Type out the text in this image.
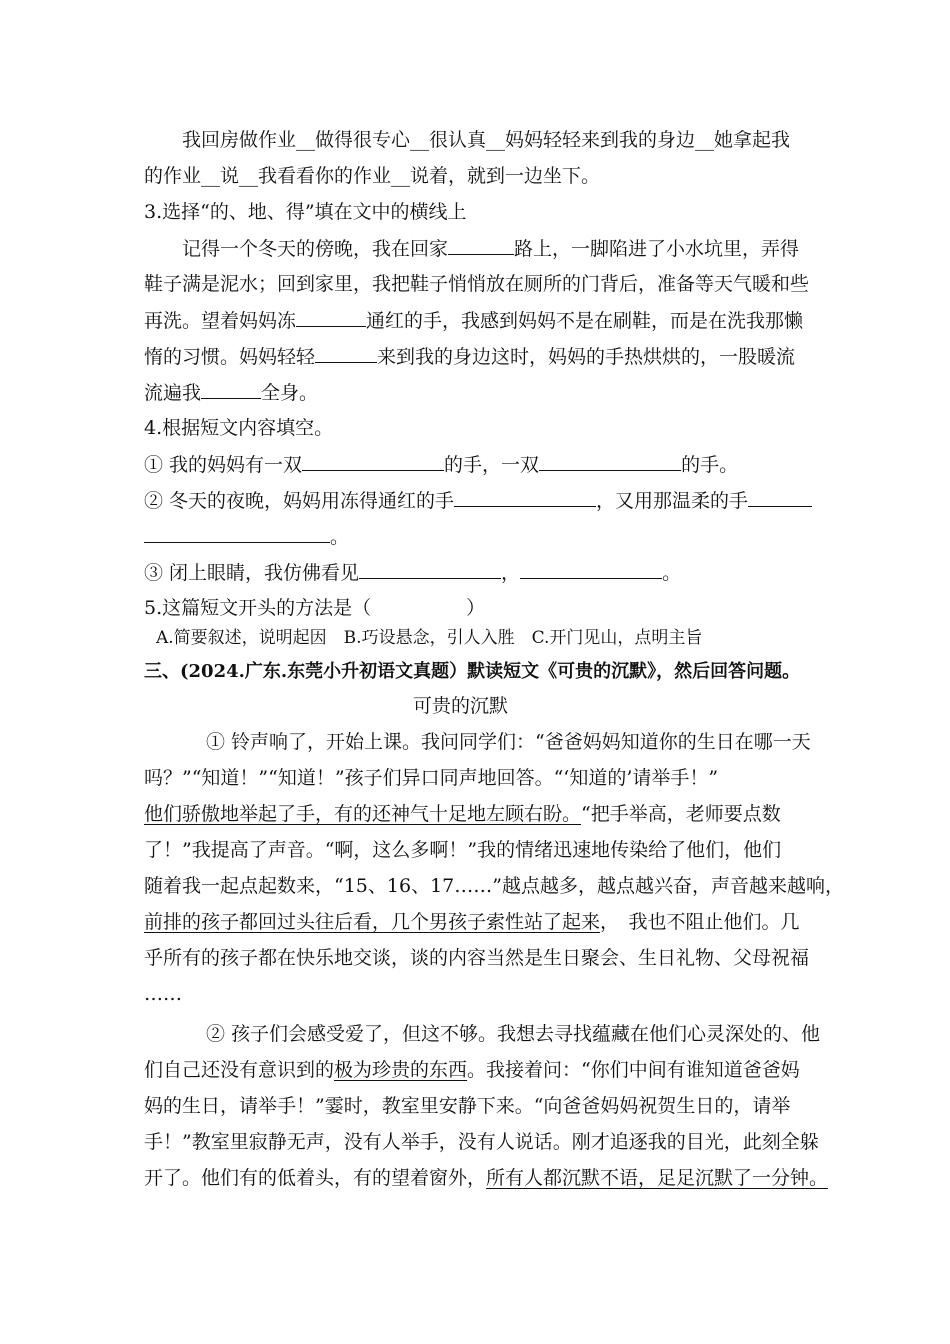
我回房做作业__做得很专心__很认真__妈妈轻轻来到我的身边__她拿起我
的作业__说__我看看你的作业__说着，就到一边坐下。
3.选择“的、地、得”填在文中的横线上
记得一个冬天的傍晚，我在回家	路上，一脚陷进了小水坑里，弄得
鞋子满是泥水；回到家里，我把鞋子悄悄放在厕所的门背后，准备等天气暖和些
再洗。望着妈妈冻	通红的手，我感到妈妈不是在刷鞋，而是在洗我那懒
惰的习惯。妈妈轻轻	来到我的身边这时，妈妈的手热烘烘的，一股暖流
流遍我	全身。
4.根据短文内容填空。
① 我的妈妈有一双	的手，一双	的手。
② 冬天的夜晚，妈妈用冻得通红的手	，又用那温柔的手
。
③ 闭上眼睛，我仿佛看见	，	。
5.这篇短文开头的方法是（　　　　　）
A.简要叙述，说明起因　B.巧设悬念，引人入胜　C.开门见山，点明主旨
三、(2024.广东.东莞小升初语文真题）默读短文《可贵的沉默》，然后回答问题。
可贵的沉默
① 铃声响了，开始上课。我问同学们：“爸爸妈妈知道你的生日在哪一天
吗？”“知道！”“知道！”孩子们异口同声地回答。“‘知道的’请举手！”
他们骄傲地举起了手，有的还神气十足地左顾右盼。“把手举高，老师要点数
了！”我提高了声音。“啊，这么多啊！”我的情绪迅速地传染给了他们，他们
随着我一起点起数来，“15、16、17……”越点越多，越点越兴奋，声音越来越响，
前排的孩子都回过头往后看，几个男孩子索性站了起来，　我也不阻止他们。几
乎所有的孩子都在快乐地交谈，谈的内容当然是生日聚会、生日礼物、父母祝福
……
② 孩子们会感受爱了，但这不够。我想去寻找蕴藏在他们心灵深处的、他
们自己还没有意识到的极为珍贵的东西。我接着问：“你们中间有谁知道爸爸妈
妈的生日，请举手！”霎时，教室里安静下来。“向爸爸妈妈祝贺生日的，请举
手！”教室里寂静无声，没有人举手，没有人说话。刚才追逐我的目光，此刻全躲
开了。他们有的低着头，有的望着窗外，所有人都沉默不语，足足沉默了一分钟。
